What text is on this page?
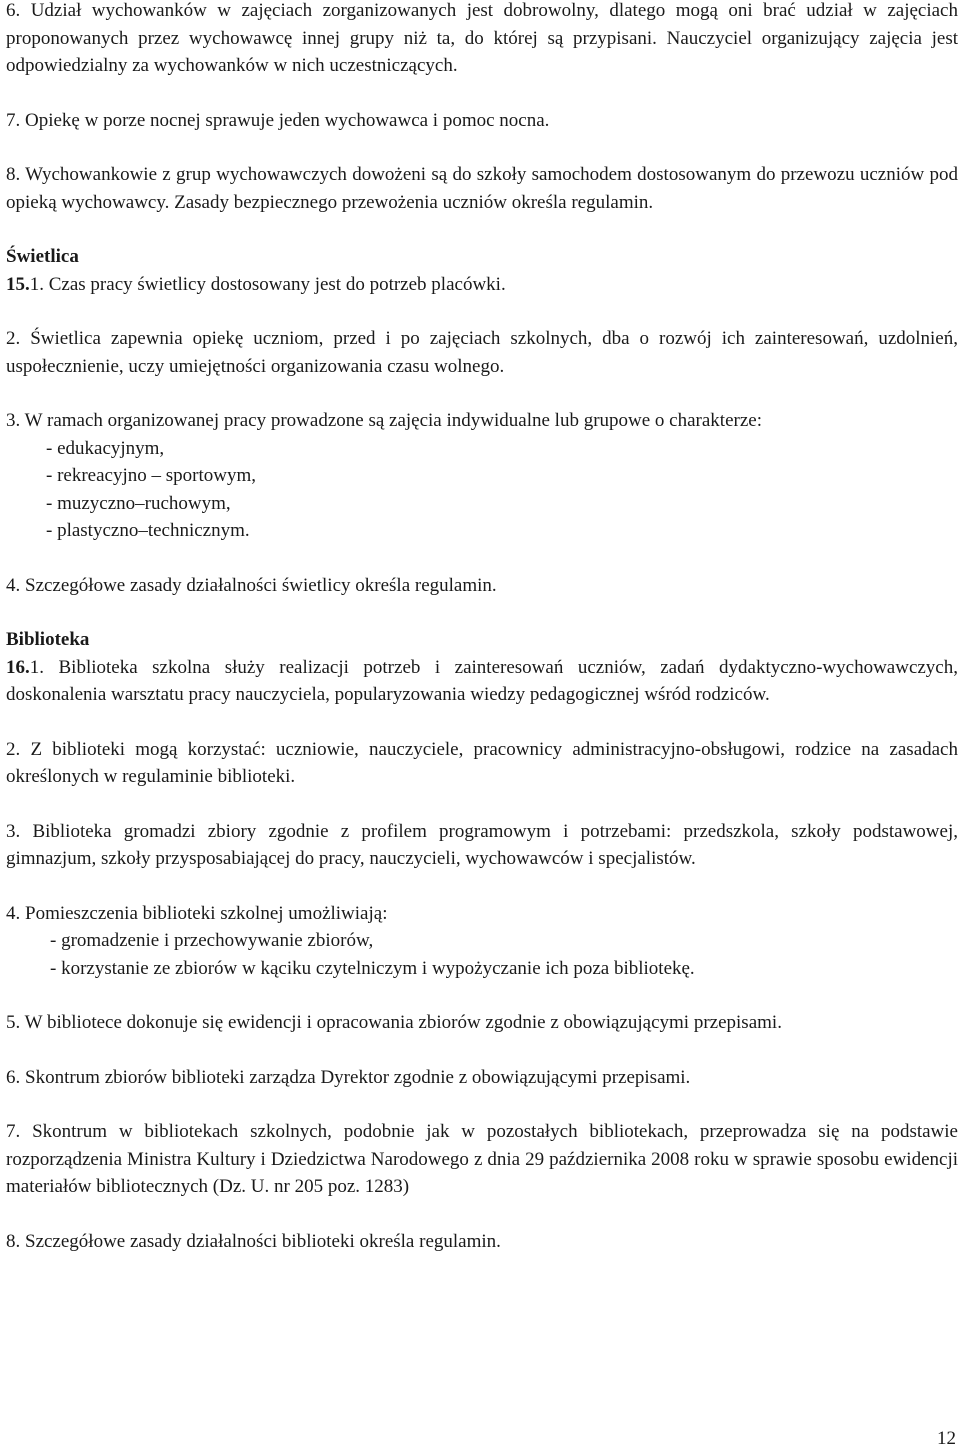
6. Udział wychowanków w zajęciach zorganizowanych jest dobrowolny, dlatego mogą oni brać udział w zajęciach proponowanych przez wychowawcę innej grupy niż ta, do której są przypisani. Nauczyciel organizujący zajęcia jest odpowiedzialny za wychowanków w nich uczestniczących.

7. Opiekę w porze nocnej sprawuje jeden wychowawca i pomoc nocna.

8. Wychowankowie z grup wychowawczych dowożeni są do szkoły samochodem dostosowanym do przewozu uczniów pod opieką wychowawcy. Zasady bezpiecznego przewożenia uczniów określa regulamin.

Świetlica

15.1. Czas pracy świetlicy dostosowany jest do potrzeb placówki.

2. Świetlica zapewnia opiekę uczniom, przed i po zajęciach szkolnych, dba o rozwój ich zainteresowań, uzdolnień, uspołecznienie, uczy umiejętności organizowania czasu wolnego.

3. W ramach organizowanej pracy prowadzone są zajęcia indywidualne lub grupowe o charakterze:

- edukacyjnym,
- rekreacyjno – sportowym,
- muzyczno–ruchowym,
- plastyczno–technicznym.

4. Szczegółowe zasady działalności świetlicy określa regulamin.

Biblioteka

16.1. Biblioteka szkolna służy realizacji potrzeb i zainteresowań uczniów, zadań dydaktyczno-wychowawczych, doskonalenia warsztatu pracy nauczyciela, popularyzowania wiedzy pedagogicznej wśród rodziców.

2. Z biblioteki mogą korzystać: uczniowie, nauczyciele, pracownicy administracyjno-obsługowi, rodzice na zasadach określonych w regulaminie biblioteki.

3. Biblioteka gromadzi zbiory zgodnie z profilem programowym i potrzebami: przedszkola, szkoły podstawowej, gimnazjum, szkoły przysposabiającej do pracy, nauczycieli, wychowawców i specjalistów.

4. Pomieszczenia biblioteki szkolnej umożliwiają:

- gromadzenie i przechowywanie zbiorów,
- korzystanie ze zbiorów w kąciku czytelniczym i wypożyczanie ich poza bibliotekę.

5. W bibliotece dokonuje się ewidencji i opracowania zbiorów zgodnie z obowiązującymi przepisami.

6. Skontrum zbiorów biblioteki zarządza Dyrektor zgodnie z obowiązującymi przepisami.

7. Skontrum w bibliotekach szkolnych, podobnie jak w pozostałych bibliotekach, przeprowadza się na podstawie rozporządzenia Ministra Kultury i Dziedzictwa Narodowego z dnia 29 października 2008 roku w sprawie sposobu ewidencji materiałów bibliotecznych (Dz. U. nr 205 poz. 1283)

8. Szczegółowe zasady działalności biblioteki określa regulamin.

12
